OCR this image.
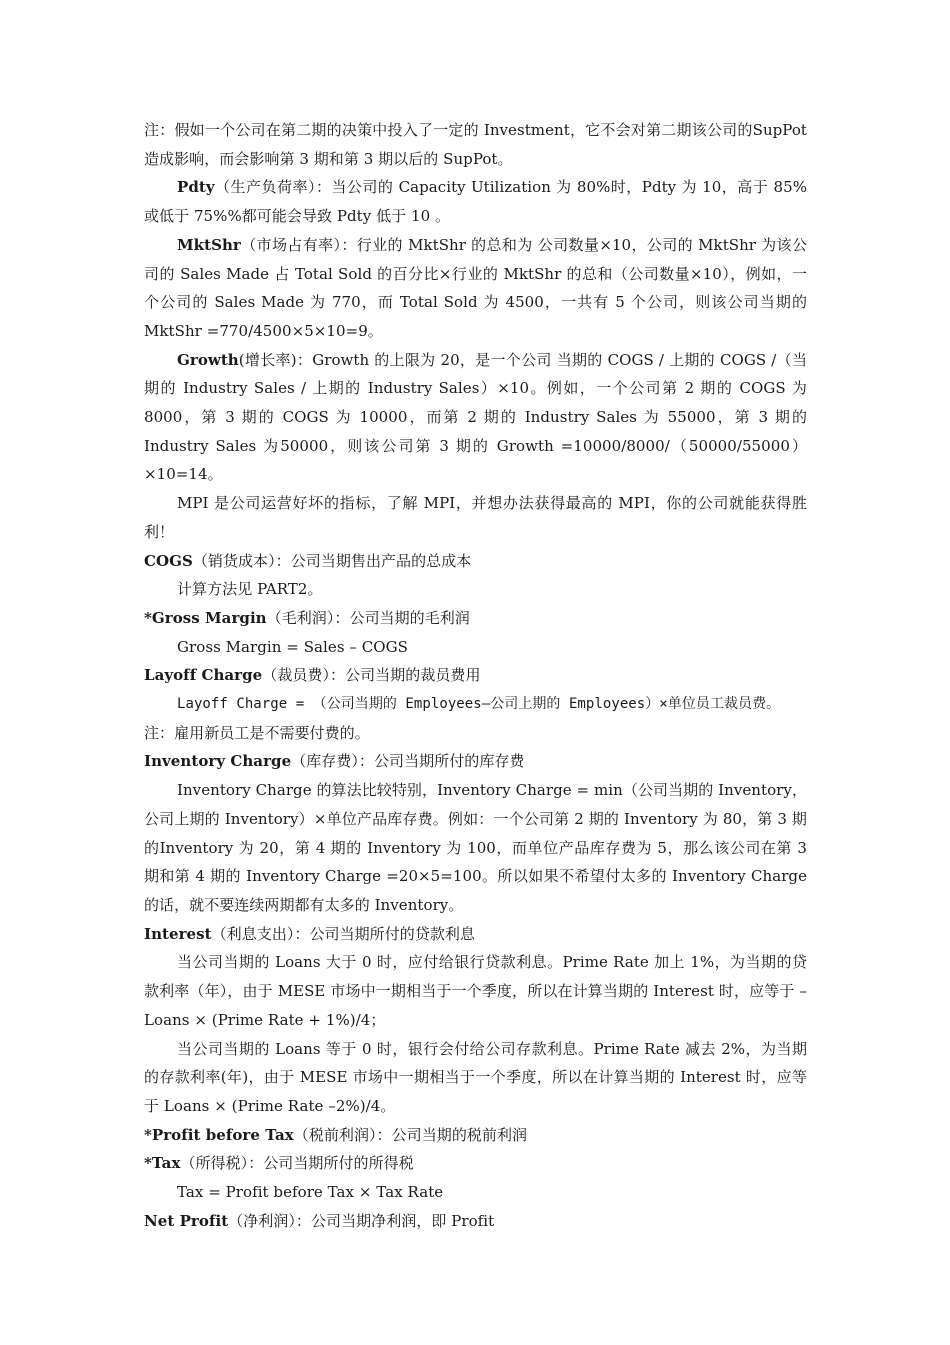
注：假如一个公司在第二期的决策中投入了一定的 Investment，它不会对第二期该公司的SupPot造成影响，而会影响第 3 期和第 3 期以后的 SupPot。

Pdty（生产负荷率）：当公司的 Capacity Utilization 为 80%时，Pdty 为 10，高于 85%或低于 75%%都可能会导致 Pdty 低于 10 。

MktShr（市场占有率）：行业的 MktShr 的总和为 公司数量×10，公司的 MktShr 为该公司的 Sales Made 占 Total Sold 的百分比×行业的 MktShr 的总和（公司数量×10），例如，一个公司的 Sales Made 为 770，而 Total Sold 为 4500，一共有 5 个公司，则该公司当期的MktShr =770/4500×5×10=9。

Growth(增长率)：Growth 的上限为 20，是一个公司 当期的 COGS / 上期的 COGS /（当期的 Industry Sales / 上期的 Industry Sales）×10。例如，一个公司第 2 期的 COGS 为 8000，第 3 期的 COGS 为 10000，而第 2 期的 Industry Sales 为 55000，第 3 期的 Industry Sales 为50000，则该公司第 3 期的 Growth =10000/8000/（50000/55000）×10=14。

MPI 是公司运营好坏的指标，了解 MPI，并想办法获得最高的 MPI，你的公司就能获得胜利！

COGS（销货成本）：公司当期售出产品的总成本

计算方法见 PART2。

*Gross Margin（毛利润）：公司当期的毛利润

Gross Margin = Sales – COGS

Layoff Charge（裁员费）：公司当期的裁员费用

Layoff Charge = （公司当期的 Employees–公司上期的 Employees）×单位员工裁员费。

注：雇用新员工是不需要付费的。

Inventory Charge（库存费）：公司当期所付的库存费

Inventory Charge 的算法比较特别，Inventory Charge = min（公司当期的 Inventory，公司上期的 Inventory）×单位产品库存费。例如：一个公司第 2 期的 Inventory 为 80，第 3 期的Inventory 为 20，第 4 期的 Inventory 为 100，而单位产品库存费为 5，那么该公司在第 3 期和第 4 期的 Inventory Charge =20×5=100。所以如果不希望付太多的 Inventory Charge 的话，就不要连续两期都有太多的 Inventory。

Interest（利息支出）：公司当期所付的贷款利息

当公司当期的 Loans 大于 0 时，应付给银行贷款利息。Prime Rate 加上 1%，为当期的贷款利率（年），由于 MESE 市场中一期相当于一个季度，所以在计算当期的 Interest 时，应等于 –Loans × (Prime Rate + 1%)/4；

当公司当期的 Loans 等于 0 时，银行会付给公司存款利息。Prime Rate 减去 2%，为当期的存款利率(年)，由于 MESE 市场中一期相当于一个季度，所以在计算当期的 Interest 时，应等于 Loans × (Prime Rate –2%)/4。

*Profit before Tax（税前利润）：公司当期的税前利润

*Tax（所得税）：公司当期所付的所得税

Tax = Profit before Tax × Tax Rate

Net Profit（净利润）：公司当期净利润，即 Profit
